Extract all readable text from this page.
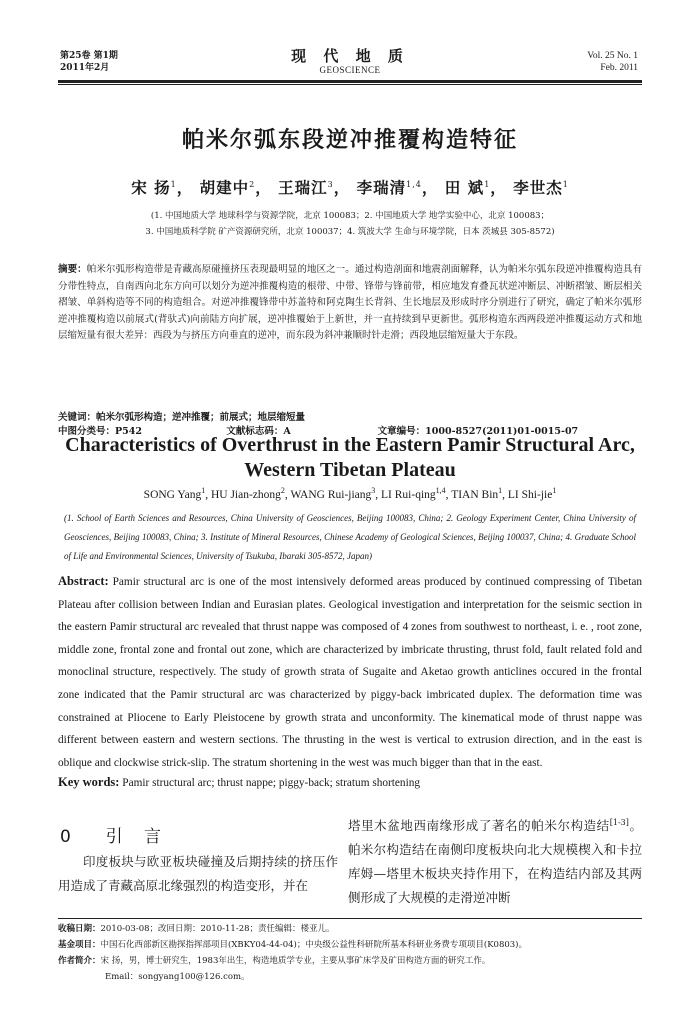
第25卷 第1期
2011年2月
现 代 地 质
GEOSCIENCE
Vol. 25 No. 1
Feb. 2011
帕米尔弧东段逆冲推覆构造特征
宋 扬$^1$， 胡建中$^2$， 王瑞江$^3$， 李瑞清$^{1,4}$， 田 斌$^1$， 李世杰$^1$
(1. 中国地质大学 地球科学与资源学院，北京 100083；2. 中国地质大学 地学实验中心，北京 100083；
3. 中国地质科学院 矿产资源研究所，北京 100037；4. 筑波大学 生命与环境学院，日本 茨城县 305-8572)
摘要：帕米尔弧形构造带是青藏高原碰撞挤压表现最明显的地区之一。通过构造剖面和地震剖面解释，认为帕米尔弧东段逆冲推覆构造具有分带性特点，自南西向北东方向可以划分为逆冲推覆构造的根带、中带、锋带与锋前带，相应地发育叠瓦状逆冲断层、冲断褶皱、断层相关褶皱、单斜构造等不同的构造组合。对逆冲推覆锋带中苏盖特和阿克陶生长背斜、生长地层及形成时序分别进行了研究，确定了帕米尔弧形逆冲推覆构造以前展式(背驮式)向前陆方向扩展，逆冲推覆始于上新世，并一直持续到早更新世。弧形构造东西两段逆冲推覆运动方式和地层缩短量有很大差异：西段为与挤压方向垂直的逆冲，而东段为斜冲兼顺时针走滑；西段地层缩短量大于东段。
关键词：帕米尔弧形构造；逆冲推覆；前展式；地层缩短量
中图分类号：P542	文献标志码：A	文章编号：1000-8527(2011)01-0015-07
Characteristics of Overthrust in the Eastern Pamir Structural Arc,
Western Tibetan Plateau
SONG Yang$^1$, HU Jian-zhong$^2$, WANG Rui-jiang$^3$, LI Rui-qing$^{1,4}$, TIAN Bin$^1$, LI Shi-jie$^1$
(1. School of Earth Sciences and Resources, China University of Geosciences, Beijing 100083, China; 2. Geology Experiment Center, China University of Geosciences, Beijing 100083, China; 3. Institute of Mineral Resources, Chinese Academy of Geological Sciences, Beijing 100037, China; 4. Graduate School of Life and Environmental Sciences, University of Tsukuba, Ibaraki 305-8572, Japan)
Abstract: Pamir structural arc is one of the most intensively deformed areas produced by continued compressing of Tibetan Plateau after collision between Indian and Eurasian plates. Geological investigation and interpretation for the seismic section in the eastern Pamir structural arc revealed that thrust nappe was composed of 4 zones from southwest to northeast, i. e. , root zone, middle zone, frontal zone and frontal out zone, which are characterized by imbricate thrusting, thrust fold, fault related fold and monoclinal structure, respectively. The study of growth strata of Sugaite and Aketao growth anticlines occured in the frontal zone indicated that the Pamir structural arc was characterized by piggy-back imbricated duplex. The deformation time was constrained at Pliocene to Early Pleistocene by growth strata and unconformity. The kinematical mode of thrust nappe was different between eastern and western sections. The thrusting in the west is vertical to extrusion direction, and in the east is oblique and clockwise strick-slip. The stratum shortening in the west was much bigger than that in the east.
Key words: Pamir structural arc; thrust nappe; piggy-back; stratum shortening
0 引 言

印度板块与欧亚板块碰撞及后期持续的挤压作用造成了青藏高原北缘强烈的构造变形，并在

塔里木盆地西南缘形成了著名的帕米尔构造结[1-3]。帕米尔构造结在南侧印度板块向北大规模楔入和卡拉库姆—塔里木板块夹持作用下，在构造结内部及其两侧形成了大规模的走滑逆冲断

收稿日期：2010-03-08；改回日期：2010-11-28；责任编辑：楼亚儿。
基金项目：中国石化西部新区勘探指挥部项目(XBKY04-44-04)；中央级公益性科研院所基本科研业务费专项项目(K0803)。
作者简介：宋 扬，男，博士研究生，1983年出生，构造地质学专业，主要从事矿床学及矿田构造方面的研究工作。
Email：songyang100@126.com。
